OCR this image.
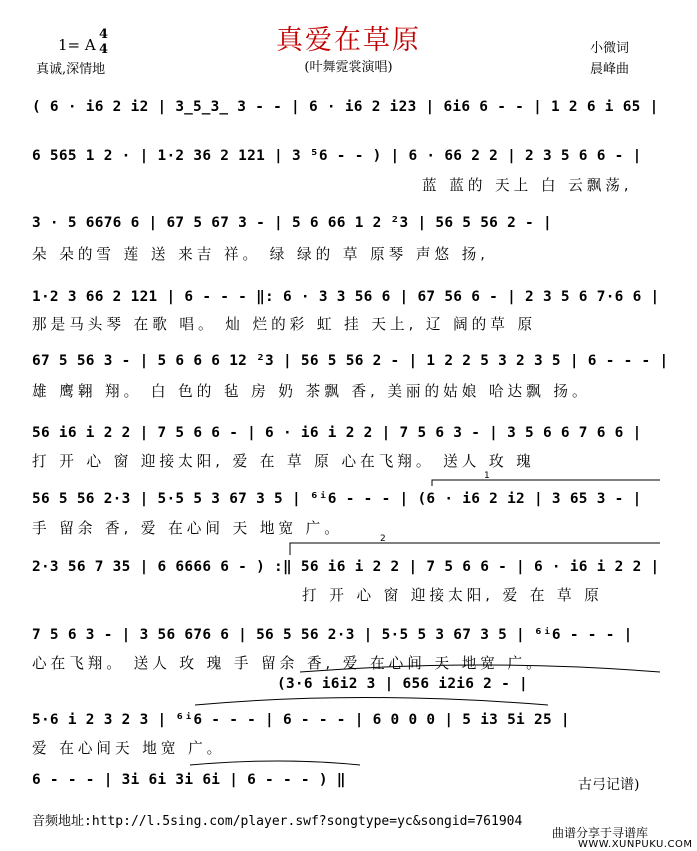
真爱在草原
(叶舞霓裳演唱)
1= A
4
4
真诚,深情地
小微词
晨峰曲
( 6 · i6 2 i2 | 3̲5̲3̲ 3 - - | 6 · i6 2 i23 | 6i6 6 - - | 1 2 6 i 65 |
6 565 1 2 · | 1·2 36 2 121 | 3 ⁵6 - - ) | 6 · 66 2 2 | 2 3 5 6 6 - |
蓝 蓝的 天上 白 云飘荡,
3 · 5 6676 6 | 67 5 67 3 - | 5 6 66 1 2 ²3 | 56 5 56 2 - |
朵 朵的雪 莲 送 来吉 祥。 绿 绿的 草 原琴 声悠 扬,
1·2 3 66 2 121 | 6 - - - ‖: 6 · 3 3 56 6 | 67 56 6 - | 2 3 5 6 7·6 6 |
那是马头琴 在歌 唱。 灿 烂的彩 虹 挂 天上, 辽 阔的草 原
67 5 56 3 - | 5 6 6 6 12 ²3 | 56 5 56 2 - | 1 2 2 5 3 2 3 5 | 6 - - - |
雄 鹰翱 翔。 白 色的 毡 房 奶 茶飘 香, 美丽的姑娘 哈达飘 扬。
56 i6 i 2 2 | 7 5 6 6 - | 6 · i6 i 2 2 | 7 5 6 3 - | 3 5 6 6 7 6 6 |
打 开 心 窗 迎接太阳, 爱 在 草 原 心在飞翔。 送人 玫 瑰
56 5 56 2·3 | 5·5 5 3 67 3 5 | ⁶ⁱ6 - - - | (6 · i6 2 i2 | 3 65 3 - |
手 留余 香, 爱 在心间 天 地宽 广。
2·3 56 7 35 | 6 6666 6 - ) :‖ 56 i6 i 2 2 | 7 5 6 6 - | 6 · i6 i 2 2 |
打 开 心 窗 迎接太阳, 爱 在 草 原
7 5 6 3 - | 3 56 676 6 | 56 5 56 2·3 | 5·5 5 3 67 3 5 | ⁶ⁱ6 - - - |
心在飞翔。 送人 玫 瑰 手 留余 香, 爱 在心间 天 地宽 广。
(3·6 i6i2 3 | 656 i2i6 2 - |
5·6 i 2 3 2 3 | ⁶ⁱ6 - - - | 6 - - - | 6 0 0 0 | 5 i3 5i 25 |
爱 在心间天 地宽 广。
6 - - - | 3i 6i 3i 6i | 6 - - - ) ‖	古弓记谱)
音频地址:http://l.5sing.com/player.swf?songtype=yc&songid=761904
曲谱分享于寻谱库
WWW.XUNPUKU.COM
1
2
